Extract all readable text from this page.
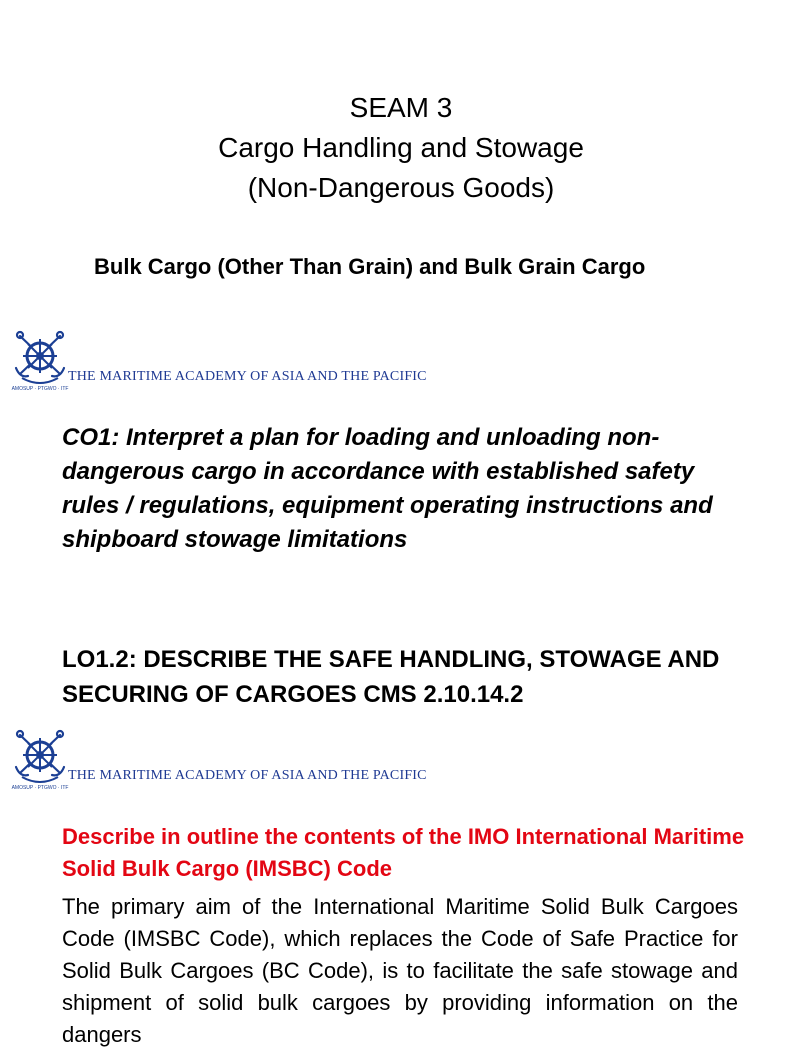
SEAM 3
Cargo Handling and Stowage
(Non-Dangerous Goods)
Bulk Cargo (Other Than Grain) and Bulk Grain Cargo
AMOSUP · PTGWO · ITF
THE MARITIME ACADEMY OF ASIA AND THE PACIFIC
CO1: Interpret a plan for loading and unloading non-dangerous cargo in accordance with established safety rules / regulations, equipment operating instructions and shipboard stowage limitations
LO1.2: DESCRIBE THE SAFE HANDLING, STOWAGE AND SECURING OF CARGOES CMS 2.10.14.2
AMOSUP · PTGWO · ITF
THE MARITIME ACADEMY OF ASIA AND THE PACIFIC
Describe in outline the contents of the IMO International Maritime Solid Bulk Cargo (IMSBC) Code
The primary aim of the International Maritime Solid Bulk Cargoes Code (IMSBC Code), which replaces the Code of Safe Practice for Solid Bulk Cargoes (BC Code), is to facilitate the safe stowage and shipment of solid bulk cargoes by providing information on the dangers
